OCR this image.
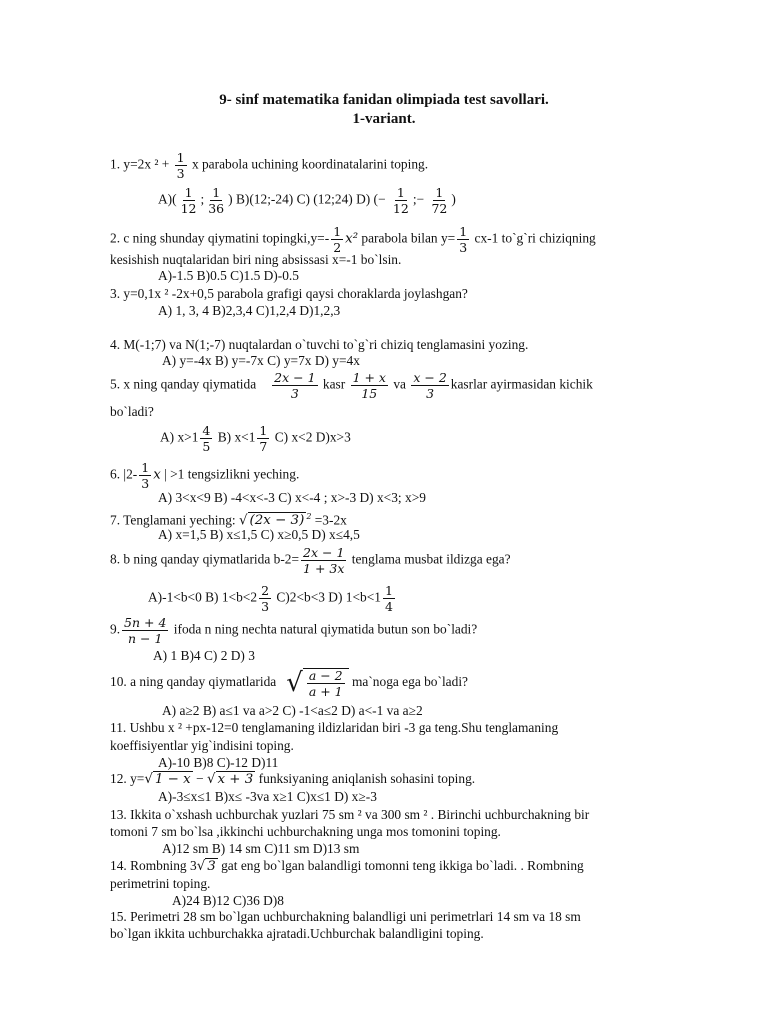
9- sinf matematika fanidan olimpiada test savollari.
1-variant.
1. y=2x $^2 + \frac{1}{3}$ x parabola uchining koordinatalarini toping.
$A)( \frac{1}{12}$ ; $\frac{1}{36}$ ) B)(12;-24) C) (12;24) D) (− $\frac{1}{12}$ ;− $\frac{1}{72}$ )
2. c ning shunday qiymatini topingki,y=- $\frac{1}{2} x^2$ parabola bilan $y= \frac{1}{3} cx-1$ to`g`ri chiziqning
kesishish nuqtalaridan biri ning absissasi x=-1 bo`lsin.
A)-1.5 B)0.5 C)1.5 D)-0.5
3. y=0,1x ² -2x+0,5 parabola grafigi qaysi choraklarda joylashgan?
A) 1, 3, 4 B)2,3,4 C)1,2,4 D)1,2,3
4. M(-1;7) va N(1;-7) nuqtalardan o`tuvchi to`g`ri chiziq tenglamasini yozing.
A) y=-4x B) y=-7x C) y=7x D) y=4x
5. x ning qanday qiymatida $\frac{2x - 1}{3}$ kasr $\frac{1 + x}{15}$ va $\frac{x - 2}{3}$ kasrlar ayirmasidan kichik
bo`ladi?
A) $x>1 \frac{4}{5} B$) $x<1 \frac{1}{7} C$) x<2 D)x>3
6. $|2- \frac{1}{3}$ x | >1 tengsizlikni yeching.
A) 3<x<9 B) -4<x<-3 C) x<-4 ; x>-3 D) x<3; x>9
7. Tenglamani yeching: √ (2x − 3) $^2$ =3-2x
A) x=1,5 B) x≤1,5 C) x≥0,5 D) x≤4,5
8. b ning qanday qiymatlarida $b-2= \frac{2x - 1}{1 + 3x}$ tenglama musbat ildizga ega?
A)-1<b<0 B) $1<b<2 \frac{2}{3} C)2<b<3$ D) $1<b<1 \frac{1}{4}$
9. $\frac{5n + 4}{n - 1}$ ifoda n ning nechta natural qiymatida butun son bo`ladi?
A) 1 B)4 C) 2 D) 3
10. a ning qanday qiymatlarida √ $\frac{a - 2}{a + 1}$ ma`noga ega bo`ladi?
A) a≥2 B) a≤1 va a>2 C) -1<a≤2 D) a<-1 va a≥2
11. Ushbu x ² +px-12=0 tenglamaning ildizlaridan biri -3 ga teng.Shu tenglamaning
koeffisiyentlar yig`indisini toping.
A)-10 B)8 C)-12 D)11
12. y=√ 1 − x − √ x + 3 funksiyaning aniqlanish sohasini toping.
A)-3≤x≤1 B)x≤ -3va x≥1 C)x≤1 D) x≥-3
13. Ikkita o`xshash uchburchak yuzlari 75 sm ² va 300 sm ² . Birinchi uchburchakning bir
tomoni 7 sm bo`lsa ,ikkinchi uchburchakning unga mos tomonini toping.
A)12 sm B) 14 sm C)11 sm D)13 sm
14. Rombning 3√ 3 gat eng bo`lgan balandligi tomonni teng ikkiga bo`ladi. . Rombning
perimetrini toping.
A)24 B)12 C)36 D)8
15. Perimetri 28 sm bo`lgan uchburchakning balandligi uni perimetrlari 14 sm va 18 sm
bo`lgan ikkita uchburchakka ajratadi.Uchburchak balandligini toping.
